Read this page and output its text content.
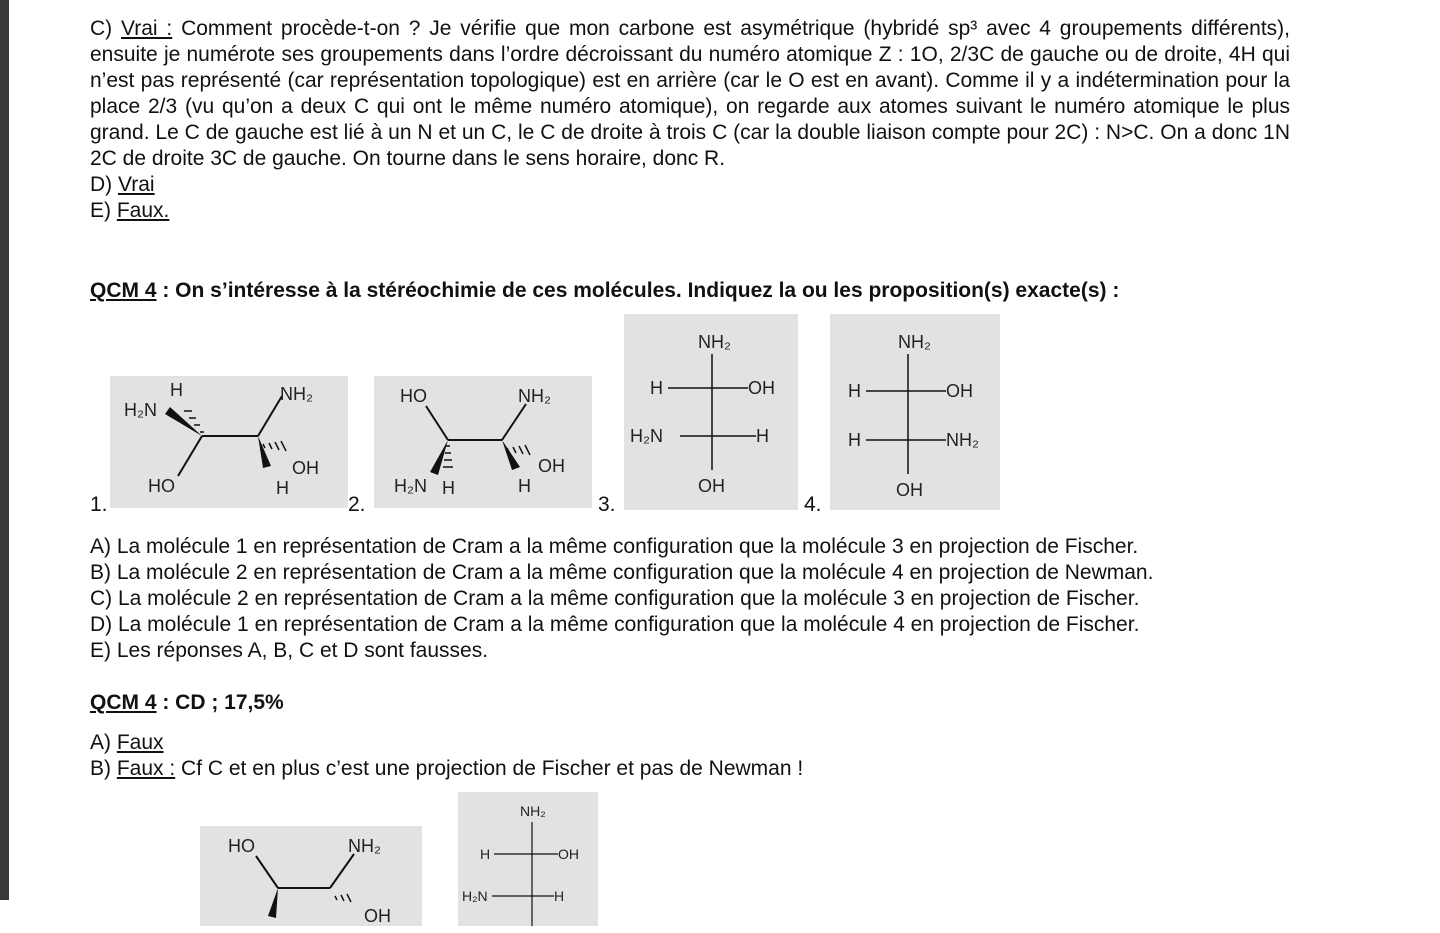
C) Vrai : Comment procède-t-on ? Je vérifie que mon carbone est asymétrique (hybridé sp³ avec 4 groupements différents), ensuite je numérote ses groupements dans l’ordre décroissant du numéro atomique Z : 1O, 2/3C de gauche ou de droite, 4H qui n’est pas représenté (car représentation topologique) est en arrière (car le O est en avant). Comme il y a indétermination pour la place 2/3 (vu qu’on a deux C qui ont le même numéro atomique), on regarde aux atomes suivant le numéro atomique le plus grand. Le C de gauche est lié à un N et un C, le C de droite à trois C (car la double liaison compte pour 2C) : N>C. On a donc 1N 2C de droite 3C de gauche. On tourne dans le sens horaire, donc R.

D) Vrai

E) Faux.

QCM 4 : On s’intéresse à la stéréochimie de ces molécules. Indiquez la ou les proposition(s) exacte(s) :

1.
H
H₂N
NH₂
OH
HO	H
2.
HO	NH₂
OH
H₂N H	H
3.
NH₂
H	OH
H₂N	H
OH
4.
NH₂
H	OH
H	NH₂
OH

A) La molécule 1 en représentation de Cram a la même configuration que la molécule 3 en projection de Fischer.

B) La molécule 2 en représentation de Cram a la même configuration que la molécule 4 en projection de Newman.

C) La molécule 2 en représentation de Cram a la même configuration que la molécule 3 en projection de Fischer.

D) La molécule 1 en représentation de Cram a la même configuration que la molécule 4 en projection de Fischer.

E) Les réponses A, B, C et D sont fausses.

QCM 4 : CD ; 17,5%

A) Faux

B) Faux : Cf C et en plus c’est une projection de Fischer et pas de Newman !

HO	NH₂
OH
NH₂
H	OH
H₂N	H
